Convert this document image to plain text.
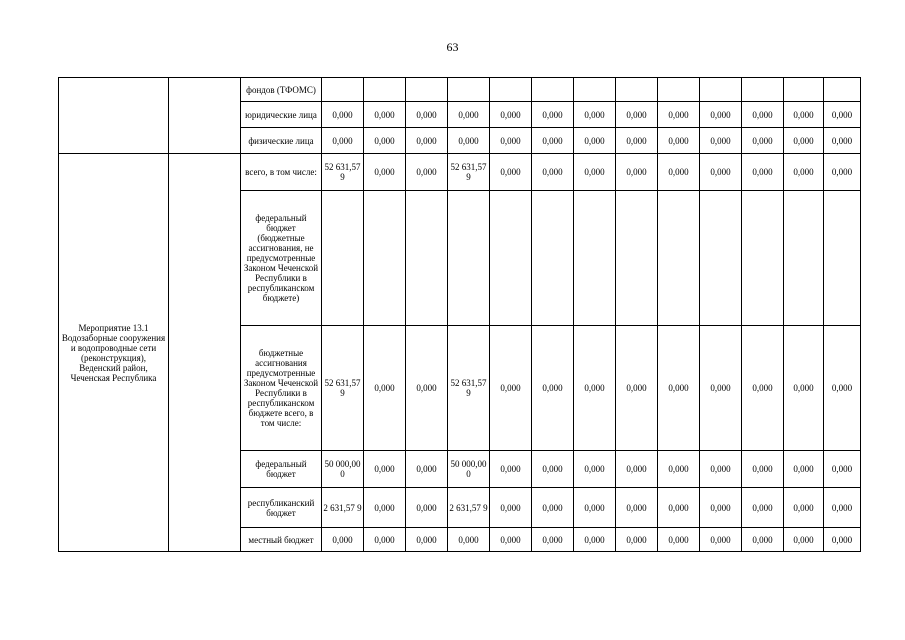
63
		фондов (ТФОМС)													
		юридические лица	0,000	0,000	0,000	0,000	0,000	0,000	0,000	0,000	0,000	0,000	0,000	0,000	0,000
		физические лица	0,000	0,000	0,000	0,000	0,000	0,000	0,000	0,000	0,000	0,000	0,000	0,000	0,000
Мероприятие 13.1 Водозаборные сооружения и водопроводные сети (реконструкция), Веденский район, Чеченская Республика		всего, в том числе:	52 631,57 9	0,000	0,000	52 631,57 9	0,000	0,000	0,000	0,000	0,000	0,000	0,000	0,000	0,000
		федеральный бюджет (бюджетные ассигнования, не предусмотренные Законом Чеченской Республики в республиканском бюджете)													
		бюджетные ассигнования предусмотренные Законом Чеченской Республики в республиканском бюджете всего, в том числе:	52 631,57 9	0,000	0,000	52 631,57 9	0,000	0,000	0,000	0,000	0,000	0,000	0,000	0,000	0,000
		федеральный бюджет	50 000,00 0	0,000	0,000	50 000,00 0	0,000	0,000	0,000	0,000	0,000	0,000	0,000	0,000	0,000
		республиканский бюджет	2 631,57 9	0,000	0,000	2 631,57 9	0,000	0,000	0,000	0,000	0,000	0,000	0,000	0,000	0,000
		местный бюджет	0,000	0,000	0,000	0,000	0,000	0,000	0,000	0,000	0,000	0,000	0,000	0,000	0,000
